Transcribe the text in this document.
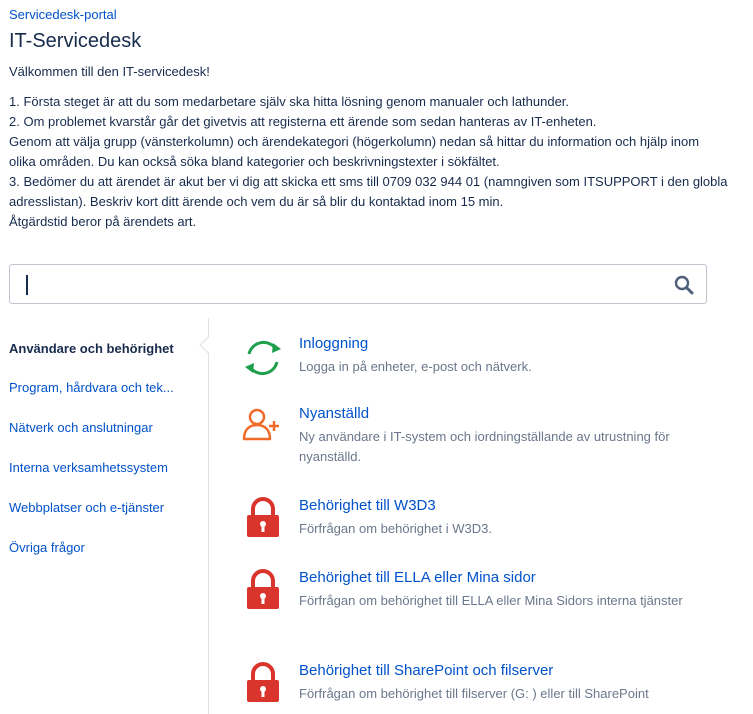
Servicedesk-portal
IT-Servicedesk

Välkommen till den IT-servicedesk!

1. Första steget är att du som medarbetare själv ska hitta lösning genom manualer och lathunder.

2. Om problemet kvarstår går det givetvis att registerna ett ärende som sedan hanteras av IT-enheten.

Genom att välja grupp (vänsterkolumn) och ärendekategori (högerkolumn) nedan så hittar du information och hjälp inom olika områden. Du kan också söka bland kategorier och beskrivningstexter i sökfältet.

3. Bedömer du att ärendet är akut ber vi dig att skicka ett sms till 0709 032 944 01 (namngiven som ITSUPPORT i den globla adresslistan). Beskriv kort ditt ärende och vem du är så blir du kontaktad inom 15 min.

Åtgärdstid beror på ärendets art.

Användare och behörighet
Program, hårdvara och tek...
Nätverk och anslutningar
Interna verksamhetssystem
Webbplatser och e-tjänster
Övriga frågor
Inloggning
Logga in på enheter, e-post och nätverk.
Nyanställd
Ny användare i IT-system och iordningställande av utrustning för nyanställd.
Behörighet till W3D3
Förfrågan om behörighet i W3D3.
Behörighet till ELLA eller Mina sidor
Förfrågan om behörighet till ELLA eller Mina Sidors interna tjänster
Behörighet till SharePoint och filserver
Förfrågan om behörighet till filserver (G: ) eller till SharePoint
